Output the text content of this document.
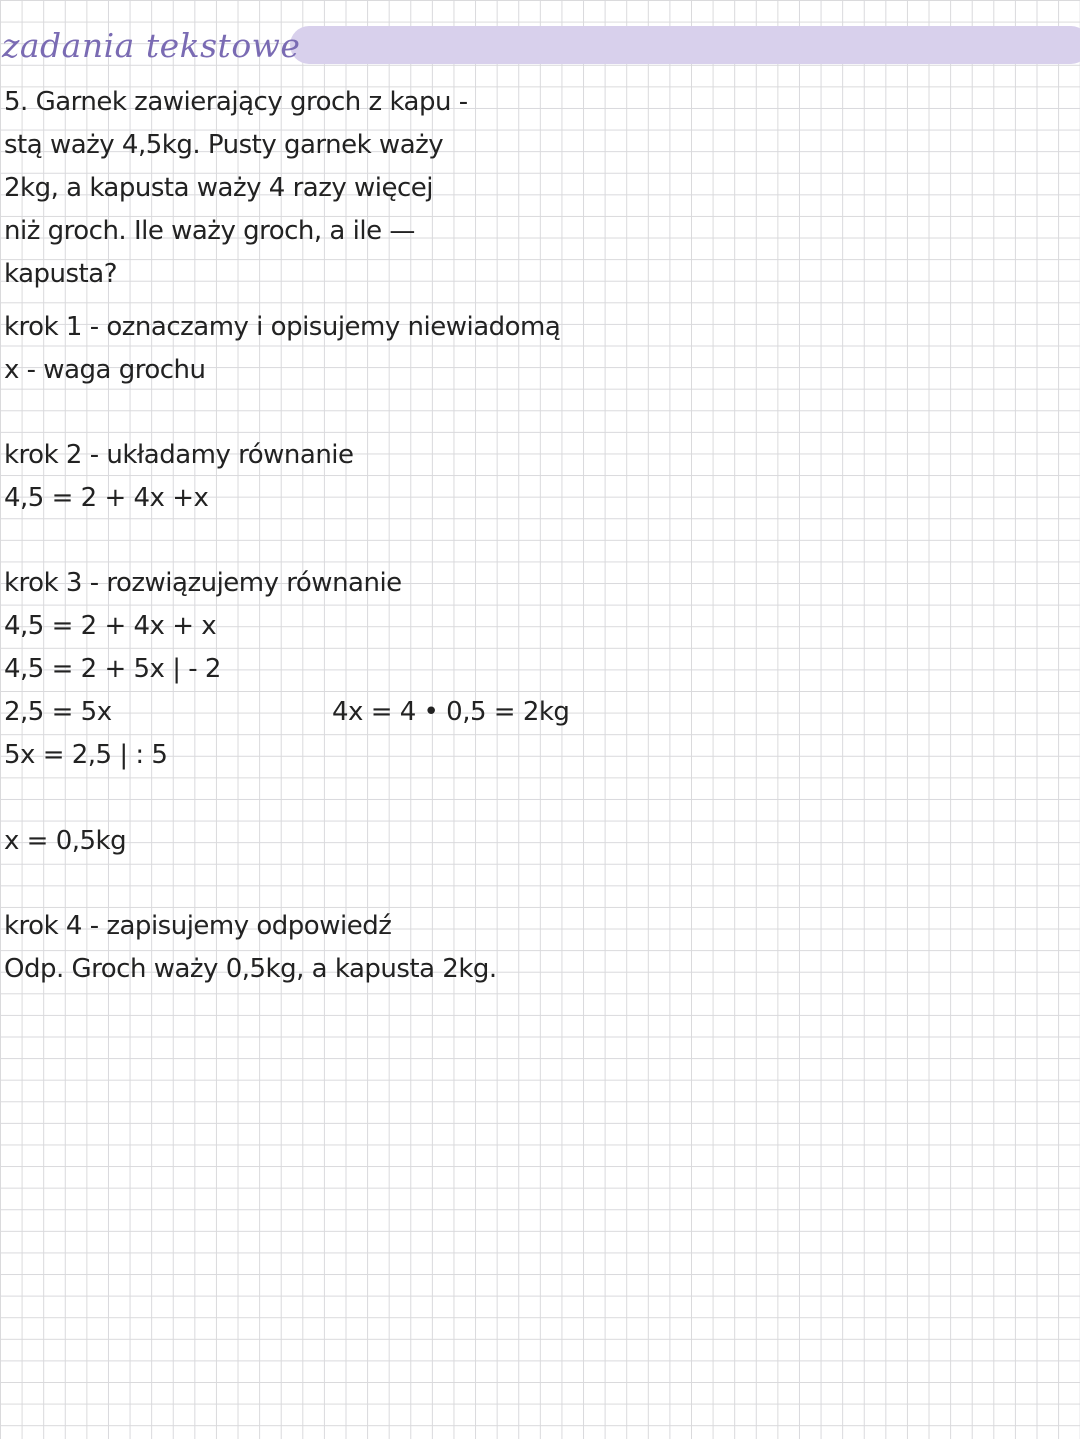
zadania tekstowe
5. Garnek zawierający groch z kapu -
stą waży 4,5kg. Pusty garnek waży
2kg, a kapusta waży 4 razy więcej
niż groch. Ile waży groch, a ile —
kapusta?
krok 1 - oznaczamy i opisujemy niewiadomą
x - waga grochu
krok 2 - układamy równanie
4,5 = 2 + 4x +x
krok 3 - rozwiązujemy równanie
4,5 = 2 + 4x + x
4,5 = 2 + 5x | - 2
2,5 = 5x	4x = 4 • 0,5 = 2kg
5x = 2,5 | : 5
x = 0,5kg
krok 4 - zapisujemy odpowiedź
Odp. Groch waży 0,5kg, a kapusta 2kg.
